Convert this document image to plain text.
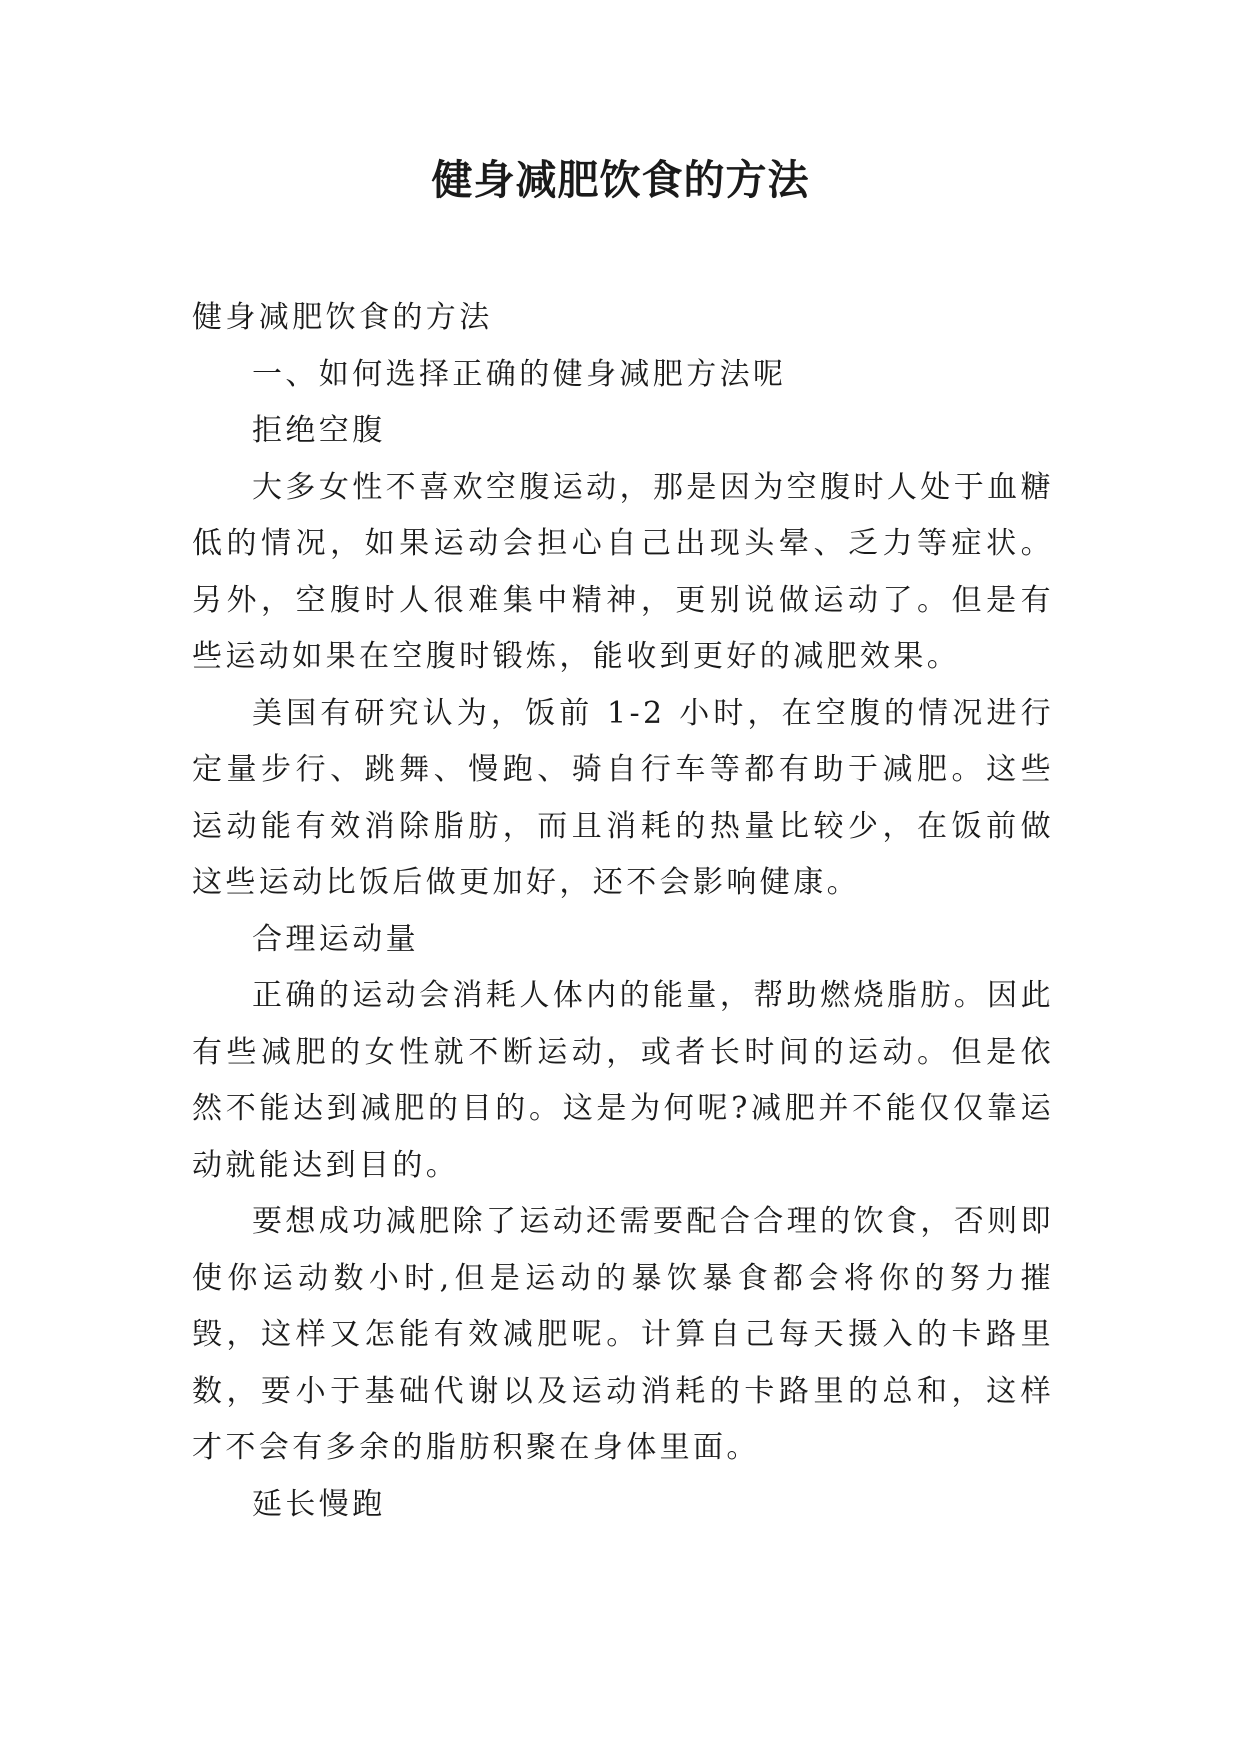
健身减肥饮食的方法

健身减肥饮食的方法

一、如何选择正确的健身减肥方法呢

拒绝空腹

大多女性不喜欢空腹运动，那是因为空腹时人处于血糖低的情况，如果运动会担心自己出现头晕、乏力等症状。另外，空腹时人很难集中精神，更别说做运动了。但是有些运动如果在空腹时锻炼，能收到更好的减肥效果。

美国有研究认为，饭前 1-2 小时，在空腹的情况进行定量步行、跳舞、慢跑、骑自行车等都有助于减肥。这些运动能有效消除脂肪，而且消耗的热量比较少，在饭前做这些运动比饭后做更加好，还不会影响健康。

合理运动量

正确的运动会消耗人体内的能量，帮助燃烧脂肪。因此有些减肥的女性就不断运动，或者长时间的运动。但是依然不能达到减肥的目的。这是为何呢?减肥并不能仅仅靠运动就能达到目的。

要想成功减肥除了运动还需要配合合理的饮食，否则即使你运动数小时,但是运动的暴饮暴食都会将你的努力摧毁，这样又怎能有效减肥呢。计算自己每天摄入的卡路里数，要小于基础代谢以及运动消耗的卡路里的总和，这样才不会有多余的脂肪积聚在身体里面。

延长慢跑
